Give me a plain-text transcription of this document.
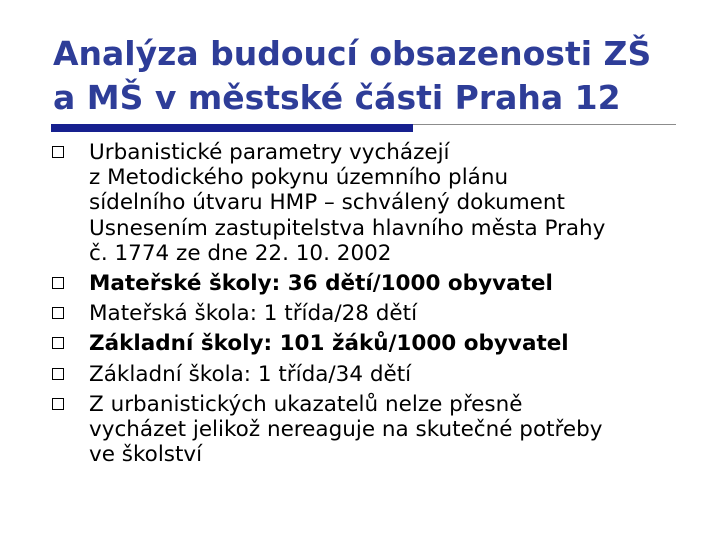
Analýza budoucí obsazenosti ZŠ
a MŠ v městské části Praha 12
Urbanistické parametry vycházejí
z Metodického pokynu územního plánu
sídelního útvaru HMP – schválený dokument
Usnesením zastupitelstva hlavního města Prahy
č. 1774 ze dne 22. 10. 2002
Mateřské školy: 36 dětí/1000 obyvatel
Mateřská škola: 1 třída/28 dětí
Základní školy: 101 žáků/1000 obyvatel
Základní škola: 1 třída/34 dětí
Z urbanistických ukazatelů nelze přesně
vycházet jelikož nereaguje na skutečné potřeby
ve školství
